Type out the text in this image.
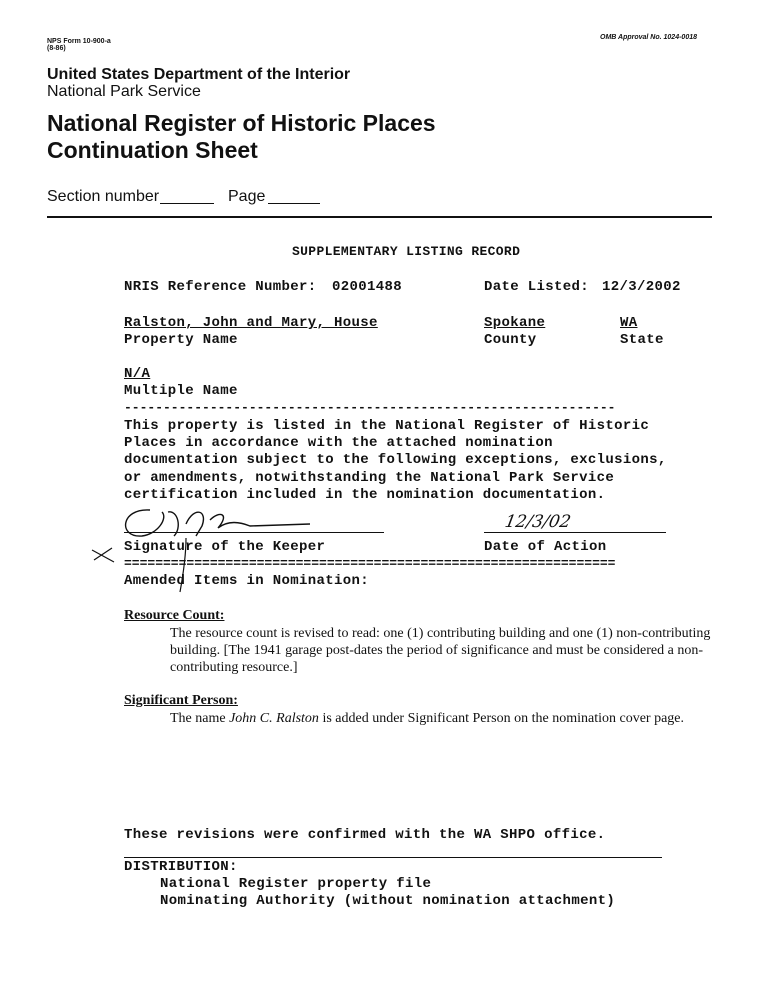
NPS Form 10-900-a
(8-86)
OMB Approval No. 1024-0018
United States Department of the Interior
National Park Service
National Register of Historic Places
Continuation Sheet
Section number	Page
SUPPLEMENTARY LISTING RECORD
NRIS Reference Number: 02001488	Date Listed: 12/3/2002
Ralston, John and Mary, House	Spokane	WA
Property Name	County	State
N/A
Multiple Name
---------------------------------------------------------------
This property is listed in the National Register of Historic
Places in accordance with the attached nomination
documentation subject to the following exceptions, exclusions,
or amendments, notwithstanding the National Park Service
certification included in the nomination documentation.
12/3/02
Signature of the Keeper	Date of Action
===============================================================
Amended Items in Nomination:
Resource Count:
The resource count is revised to read: one (1) contributing building and one (1) non-contributing
building. [The 1941 garage post-dates the period of significance and must be considered a non-
contributing resource.]
Significant Person:
The name John C. Ralston is added under Significant Person on the nomination cover page.
These revisions were confirmed with the WA SHPO office.
DISTRIBUTION:
National Register property file
Nominating Authority (without nomination attachment)
